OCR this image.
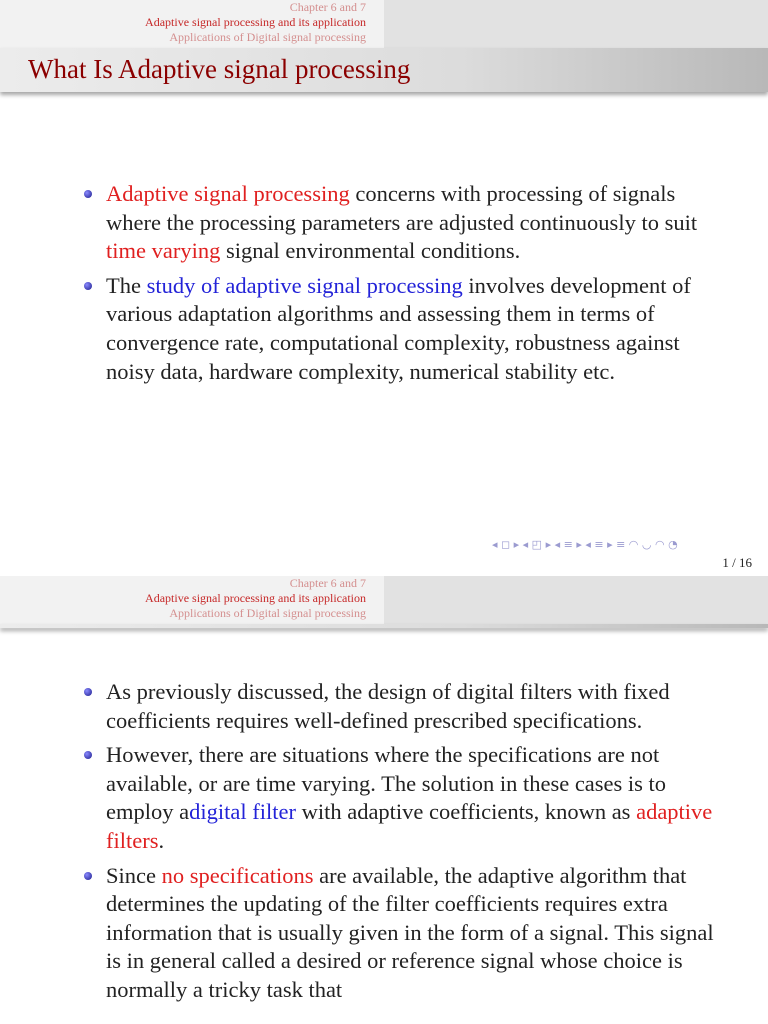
Chapter 6 and 7
Adaptive signal processing and its application
Applications of Digital signal processing
What Is Adaptive signal processing
Adaptive signal processing concerns with processing of signals where the processing parameters are adjusted continuously to suit time varying signal environmental conditions.
The study of adaptive signal processing involves development of various adaptation algorithms and assessing them in terms of convergence rate, computational complexity, robustness against noisy data, hardware complexity, numerical stability etc.
◂ ◻ ▸ ◂ ◰ ▸ ◂ ≡ ▸ ◂ ≡ ▸ ≡ ◠ ◡ ◠ ◔
1 / 16
Chapter 6 and 7
Adaptive signal processing and its application
Applications of Digital signal processing
As previously discussed, the design of digital filters with fixed coefficients requires well-defined prescribed specifications.
However, there are situations where the specifications are not available, or are time varying. The solution in these cases is to employ adigital filter with adaptive coefficients, known as adaptive filters.
Since no specifications are available, the adaptive algorithm that determines the updating of the filter coefficients requires extra information that is usually given in the form of a signal. This signal is in general called a desired or reference signal whose choice is normally a tricky task that
